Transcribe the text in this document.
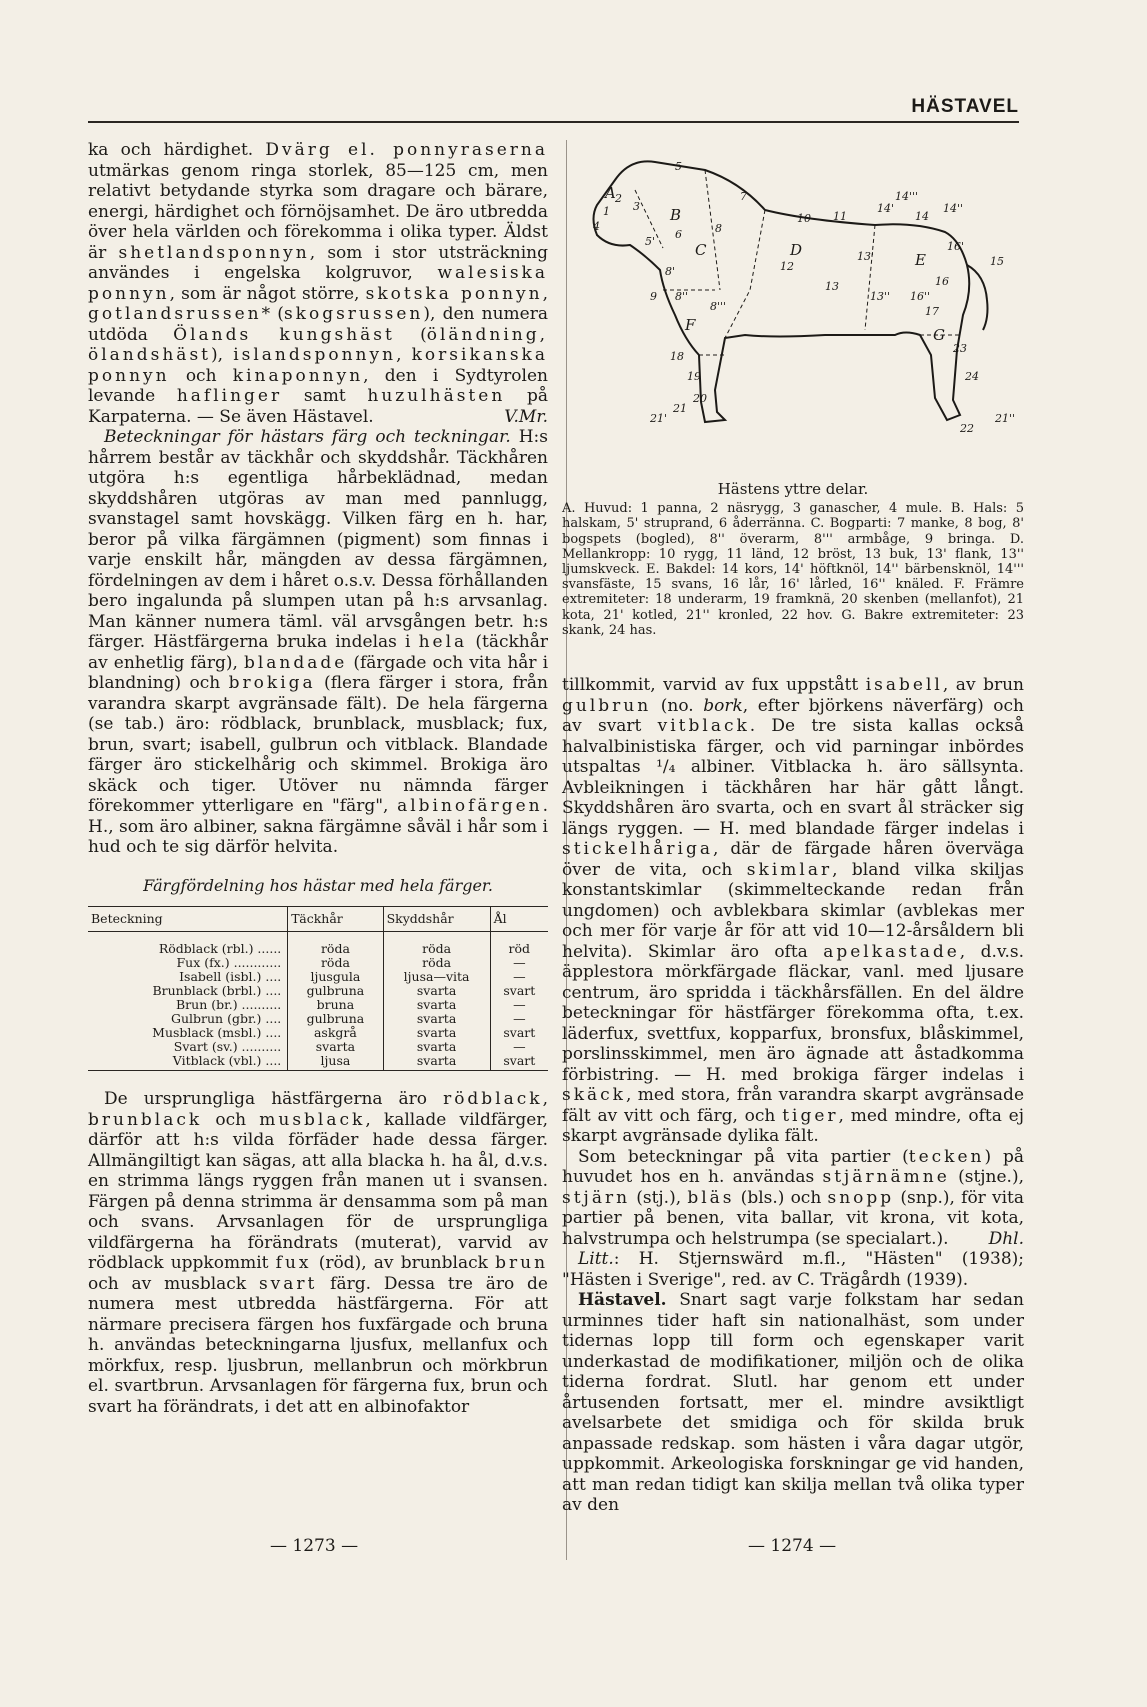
HÄSTAVEL

ka och härdighet. Dvärg el. ponnyraserna utmärkas genom ringa storlek, 85—125 cm, men relativt betydande styrka som dragare och bärare, energi, härdighet och förnöjsamhet. De äro utbredda över hela världen och förekomma i olika typer. Äldst är shetlandsponnyn, som i stor utsträckning användes i engelska kolgruvor, walesiska ponnyn, som är något större, skotska ponnyn, gotlandsrussen* (skogsrussen), den numera utdöda Ölands kungshäst (öländning, ölandshäst), islandsponnyn, korsikanska ponnyn och kinaponnyn, den i Sydtyrolen levande haflinger samt huzulhästen på Karpaterna. — Se även Hästavel.	V.Mr.

Beteckningar för hästars färg och teckningar. H:s hårrem består av täckhår och skyddshår. Täckhåren utgöra h:s egentliga hårbeklädnad, medan skyddshåren utgöras av man med pannlugg, svanstagel samt hovskägg. Vilken färg en h. har, beror på vilka färgämnen (pigment) som finnas i varje enskilt hår, mängden av dessa färgämnen, fördelningen av dem i håret o.s.v. Dessa förhållanden bero ingalunda på slumpen utan på h:s arvsanlag. Man känner numera täml. väl arvsgången betr. h:s färger. Hästfärgerna bruka indelas i hela (täckhår av enhetlig färg), blandade (färgade och vita hår i blandning) och brokiga (flera färger i stora, från varandra skarpt avgränsade fält). De hela färgerna (se tab.) äro: rödblack, brunblack, musblack; fux, brun, svart; isabell, gulbrun och vitblack. Blandade färger äro stickelhårig och skimmel. Brokiga äro skäck och tiger. Utöver nu nämnda färger förekommer ytterligare en "färg", albinofärgen. H., som äro albiner, sakna färgämne såväl i hår som i hud och te sig därför helvita.

Färgfördelning hos hästar med hela färger.
Beteckning	Täckhår	Skyddshår	Ål
Rödblack (rbl.) ......	röda	röda	röd
Fux (fx.) ............	röda	röda	—
Isabell (isbl.) ....	ljusgula	ljusa—vita	—
Brunblack (brbl.) ....	gulbruna	svarta	svart
Brun (br.) ..........	bruna	svarta	—
Gulbrun (gbr.) ....	gulbruna	svarta	—
Musblack (msbl.) ....	askgrå	svarta	svart
Svart (sv.) ..........	svarta	svarta	—
Vitblack (vbl.) ....	ljusa	svarta	svart

De ursprungliga hästfärgerna äro rödblack, brunblack och musblack, kallade vildfärger, därför att h:s vilda förfäder hade dessa färger. Allmängiltigt kan sägas, att alla blacka h. ha ål, d.v.s. en strimma längs ryggen från manen ut i svansen. Färgen på denna strimma är densamma som på man och svans. Arvsanlagen för de ursprungliga vildfärgerna ha förändrats (muterat), varvid av rödblack uppkommit fux (röd), av brunblack brun och av musblack svart färg. Dessa tre äro de numera mest utbredda hästfärgerna. För att närmare precisera färgen hos fuxfärgade och bruna h. användas beteckningarna ljusfux, mellanfux och mörkfux, resp. ljusbrun, mellanbrun och mörkbrun el. svartbrun. Arvsanlagen för färgerna fux, brun och svart ha förändrats, i det att en albinofaktor

A
B
C	D
E
F
G
1
2
3
4
5
5'
6
7
8
8'
8''
8'''
9
10 11
12
13
13'
13''
14
14'	14''
14'''
15
16
16'
16''
17
18
19
20
21
21'	21''
22
23
24
Hästens yttre delar.
A. Huvud: 1 panna, 2 näsrygg, 3 ganascher, 4 mule. B. Hals: 5 halskam, 5' struprand, 6 åderränna. C. Bogparti: 7 manke, 8 bog, 8' bogspets (bogled), 8'' överarm, 8''' armbåge, 9 bringa. D. Mellankropp: 10 rygg, 11 länd, 12 bröst, 13 buk, 13' flank, 13'' ljumskveck. E. Bakdel: 14 kors, 14' höftknöl, 14'' bärbensknöl, 14''' svansfäste, 15 svans, 16 lår, 16' lårled, 16'' knäled. F. Främre extremiteter: 18 underarm, 19 framknä, 20 skenben (mellanfot), 21 kota, 21' kotled, 21'' kronled, 22 hov. G. Bakre extremiteter: 23 skank, 24 has.

tillkommit, varvid av fux uppstått isabell, av brun gulbrun (no. bork, efter björkens näverfärg) och av svart vitblack. De tre sista kallas också halvalbinistiska färger, och vid parningar inbördes utspaltas ¹/₄ albiner. Vitblacka h. äro sällsynta. Avbleikningen i täckhåren har här gått långt. Skyddshåren äro svarta, och en svart ål sträcker sig längs ryggen. — H. med blandade färger indelas i stickelhåriga, där de färgade håren överväga över de vita, och skimlar, bland vilka skiljas konstantskimlar (skimmelteckande redan från ungdomen) och avblekbara skimlar (avblekas mer och mer för varje år för att vid 10—12-årsåldern bli helvita). Skimlar äro ofta apelkastade, d.v.s. äpplestora mörkfärgade fläckar, vanl. med ljusare centrum, äro spridda i täckhårsfällen. En del äldre beteckningar för hästfärger förekomma ofta, t.ex. läderfux, svettfux, kopparfux, bronsfux, blåskimmel, porslinsskimmel, men äro ägnade att åstadkomma förbistring. — H. med brokiga färger indelas i skäck, med stora, från varandra skarpt avgränsade fält av vitt och färg, och tiger, med mindre, ofta ej skarpt avgränsade dylika fält.

Som beteckningar på vita partier (tecken) på huvudet hos en h. användas stjärnämne (stjne.), stjärn (stj.), bläs (bls.) och snopp (snp.), för vita partier på benen, vita ballar, vit krona, vit kota, halvstrumpa och helstrumpa (se specialart.).	Dhl.

Litt.: H. Stjernswärd m.fl., "Hästen" (1938); "Hästen i Sverige", red. av C. Trägårdh (1939).

Hästavel. Snart sagt varje folkstam har sedan urminnes tider haft sin nationalhäst, som under tidernas lopp till form och egenskaper varit underkastad de modifikationer, miljön och de olika tiderna fordrat. Slutl. har genom ett under årtusenden fortsatt, mer el. mindre avsiktligt avelsarbete det smidiga och för skilda bruk anpassade redskap. som hästen i våra dagar utgör, uppkommit. Arkeologiska forskningar ge vid handen, att man redan tidigt kan skilja mellan två olika typer av den

— 1273 —	— 1274 —
